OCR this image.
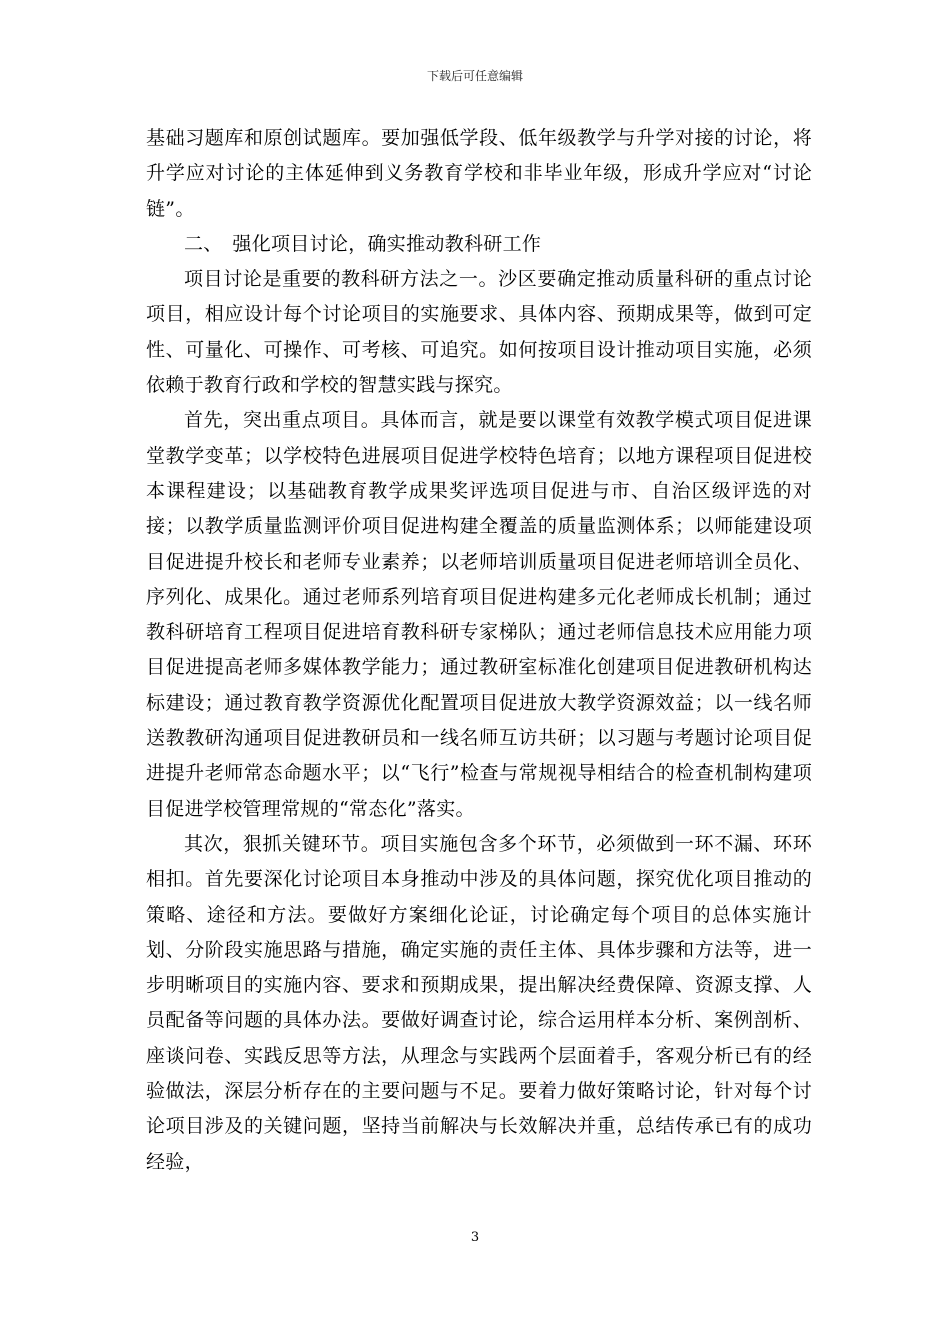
下载后可任意编辑

基础习题库和原创试题库。要加强低学段、低年级教学与升学对接的讨论，将升学应对讨论的主体延伸到义务教育学校和非毕业年级，形成升学应对“讨论链”。

二、　强化项目讨论，确实推动教科研工作

项目讨论是重要的教科研方法之一。沙区要确定推动质量科研的重点讨论项目，相应设计每个讨论项目的实施要求、具体内容、预期成果等，做到可定性、可量化、可操作、可考核、可追究。如何按项目设计推动项目实施，必须依赖于教育行政和学校的智慧实践与探究。

首先，突出重点项目。具体而言，就是要以课堂有效教学模式项目促进课堂教学变革；以学校特色进展项目促进学校特色培育；以地方课程项目促进校本课程建设；以基础教育教学成果奖评选项目促进与市、自治区级评选的对接；以教学质量监测评价项目促进构建全覆盖的质量监测体系；以师能建设项目促进提升校长和老师专业素养；以老师培训质量项目促进老师培训全员化、序列化、成果化。通过老师系列培育项目促进构建多元化老师成长机制；通过教科研培育工程项目促进培育教科研专家梯队；通过老师信息技术应用能力项目促进提高老师多媒体教学能力；通过教研室标准化创建项目促进教研机构达标建设；通过教育教学资源优化配置项目促进放大教学资源效益；以一线名师送教教研沟通项目促进教研员和一线名师互访共研；以习题与考题讨论项目促进提升老师常态命题水平；以“飞行”检查与常规视导相结合的检查机制构建项目促进学校管理常规的“常态化”落实。

其次，狠抓关键环节。项目实施包含多个环节，必须做到一环不漏、环环相扣。首先要深化讨论项目本身推动中涉及的具体问题，探究优化项目推动的策略、途径和方法。要做好方案细化论证，讨论确定每个项目的总体实施计划、分阶段实施思路与措施，确定实施的责任主体、具体步骤和方法等，进一步明晰项目的实施内容、要求和预期成果，提出解决经费保障、资源支撑、人员配备等问题的具体办法。要做好调查讨论，综合运用样本分析、案例剖析、座谈问卷、实践反思等方法，从理念与实践两个层面着手，客观分析已有的经验做法，深层分析存在的主要问题与不足。要着力做好策略讨论，针对每个讨论项目涉及的关键问题，坚持当前解决与长效解决并重，总结传承已有的成功经验，

3
